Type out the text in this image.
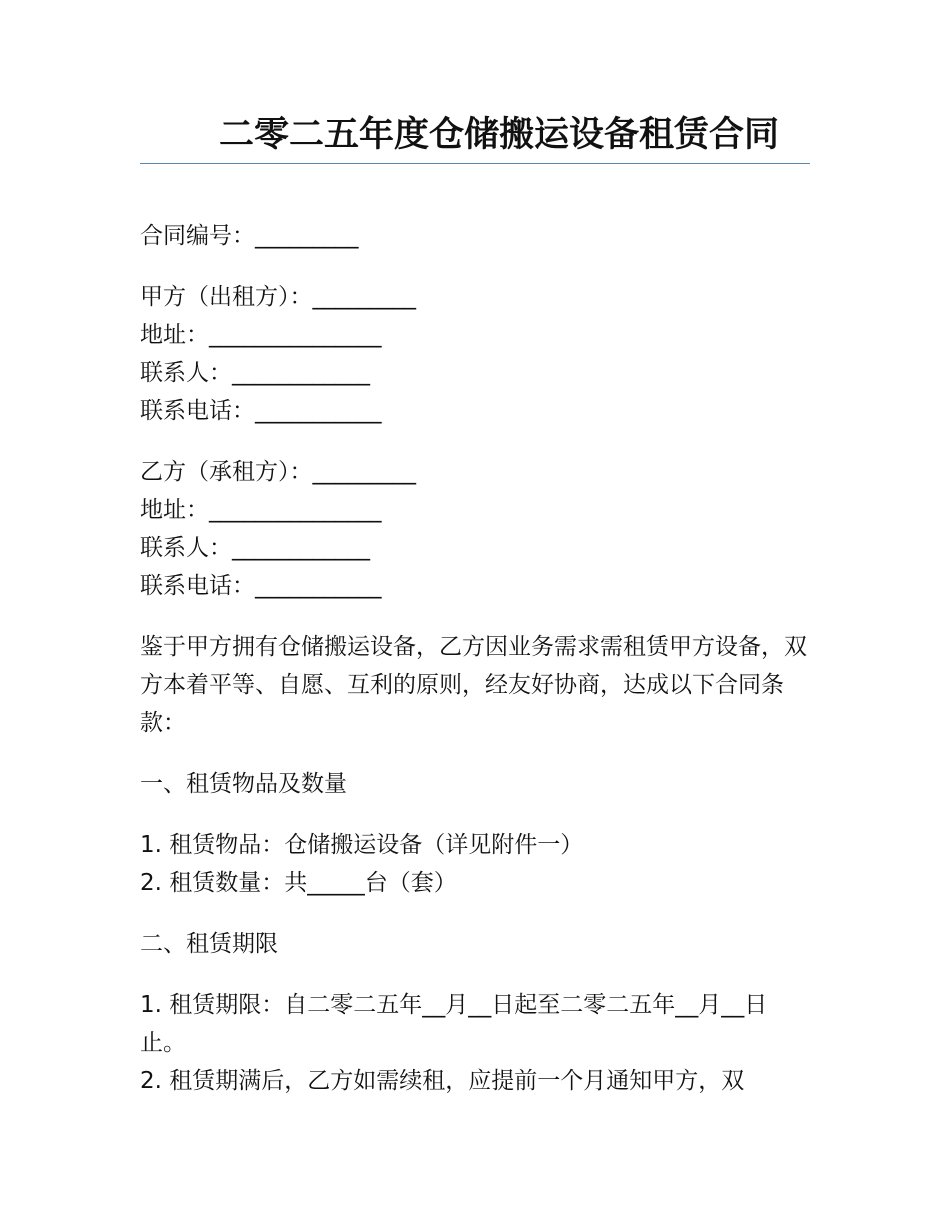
二零二五年度仓储搬运设备租赁合同

合同编号：_________

甲方（出租方）：_________

地址：_______________

联系人：____________

联系电话：___________

乙方（承租方）：_________

地址：_______________

联系人：____________

联系电话：___________

鉴于甲方拥有仓储搬运设备，乙方因业务需求需租赁甲方设备，双方本着平等、自愿、互利的原则，经友好协商，达成以下合同条款：

一、租赁物品及数量

1. 租赁物品：仓储搬运设备（详见附件一）

2. 租赁数量：共_____台（套）

二、租赁期限

1. 租赁期限：自二零二五年__月__日起至二零二五年__月__日止。

2. 租赁期满后，乙方如需续租，应提前一个月通知甲方，双
